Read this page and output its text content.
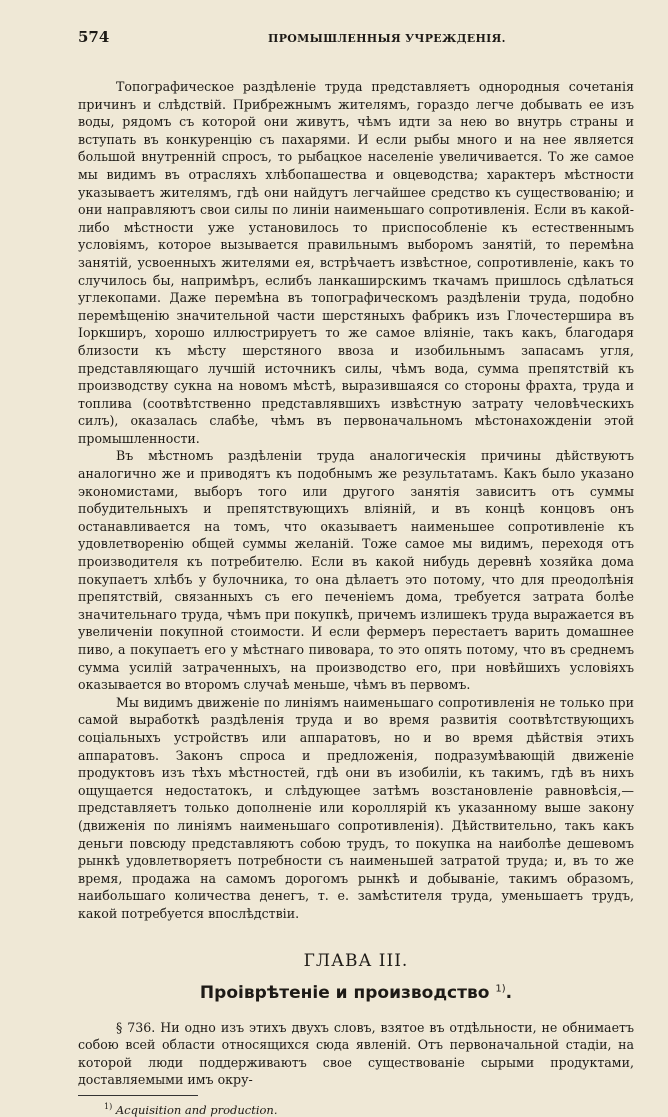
574	ПРОМЫШЛЕННЫЯ УЧРЕЖДЕНІЯ.

Топографическое раздѣленіе труда представляетъ однородныя сочетанія причинъ и слѣдствій. Прибрежнымъ жителямъ, гораздо легче добывать ее изъ воды, рядомъ съ которой они живутъ, чѣмъ идти за нею во внутрь страны и вступать въ конкуренцію съ пахарями. И если рыбы много и на нее является большой внутренній спросъ, то рыбацкое населеніе увеличивается. То же самое мы видимъ въ отрасляхъ хлѣбопашества и овцеводства; характеръ мѣстности указываетъ жителямъ, гдѣ они найдутъ легчайшее средство къ существованію; и они направляютъ свои силы по линіи наименьшаго сопротивленія. Если въ какой-либо мѣстности уже установилось то приспособленіе къ естественнымъ условіямъ, которое вызывается правильнымъ выборомъ занятій, то перемѣна занятій, усвоенныхъ жителями ея, встрѣчаетъ извѣстное, сопротивленіе, какъ то случилось бы, напримѣръ, еслибъ ланкаширскимъ ткачамъ пришлось сдѣлаться углекопами. Даже перемѣна въ топографическомъ раздѣленіи труда, подобно перемѣщенію значительной части шерстяныхъ фабрикъ изъ Глочестершира въ Іоркширъ, хорошо иллюстрируетъ то же самое вліяніе, такъ какъ, благодаря близости къ мѣсту шерстяного ввоза и изобильнымъ запасамъ угля, представляющаго лучшій источникъ силы, чѣмъ вода, сумма препятствій къ производству сукна на новомъ мѣстѣ, выразившаяся со стороны фрахта, труда и топлива (соотвѣтственно представлявшихъ извѣстную затрату человѣческихъ силъ), оказалась слабѣе, чѣмъ въ первоначальномъ мѣстонахожденіи этой промышленности.

Въ мѣстномъ раздѣленіи труда аналогическія причины дѣйствуютъ аналогично же и приводятъ къ подобнымъ же результатамъ. Какъ было указано экономистами, выборъ того или другого занятія зависитъ отъ суммы побудительныхъ и препятствующихъ вліяній, и въ концѣ концовъ онъ останавливается на томъ, что оказываетъ наименьшее сопротивленіе къ удовлетворенію общей суммы желаній. Тоже самое мы видимъ, переходя отъ производителя къ потребителю. Если въ какой нибудь деревнѣ хозяйка дома покупаетъ хлѣбъ у булочника, то она дѣлаетъ это потому, что для преодолѣнія препятствій, связанныхъ съ его печеніемъ дома, требуется затрата болѣе значительнаго труда, чѣмъ при покупкѣ, причемъ излишекъ труда выражается въ увеличеніи покупной стоимости. И если фермеръ перестаетъ варить домашнее пиво, а покупаетъ его у мѣстнаго пивовара, то это опять потому, что въ среднемъ сумма усилій затраченныхъ, на производство его, при новѣйшихъ условіяхъ оказывается во второмъ случаѣ меньше, чѣмъ въ первомъ.

Мы видимъ движеніе по линіямъ наименьшаго сопротивленія не только при самой выработкѣ раздѣленія труда и во время развитія соотвѣтствующихъ соціальныхъ устройствъ или аппаратовъ, но и во время дѣйствія этихъ аппаратовъ. Законъ спроса и предложенія, подразумѣвающій движеніе продуктовъ изъ тѣхъ мѣстностей, гдѣ они въ изобиліи, къ такимъ, гдѣ въ нихъ ощущается недостатокъ, и слѣдующее затѣмъ возстановленіе равновѣсія,—представляетъ только дополненіе или короллярій къ указанному выше закону (движенія по линіямъ наименьшаго сопротивленія). Дѣйствительно, такъ какъ деньги повсюду представляютъ собою трудъ, то покупка на наиболѣе дешевомъ рынкѣ удовлетворяетъ потребности съ наименьшей затратой труда; и, въ то же время, продажа на самомъ дорогомъ рынкѣ и добываніе, такимъ образомъ, наибольшаго количества денегъ, т. е. замѣстителя труда, уменьшаетъ трудъ, какой потребуется впослѣдствіи.

ГЛАВА III.
Проіврѣтеніе и производство $^{1)}$.

§ 736. Ни одно изъ этихъ двухъ словъ, взятое въ отдѣльности, не обнимаетъ собою всей области относящихся сюда явленій. Отъ первоначальной стадіи, на которой люди поддерживаютъ свое существованіе сырыми продуктами, доставляемыми имъ окру-

$^{1)}$ Acquisition and production.
